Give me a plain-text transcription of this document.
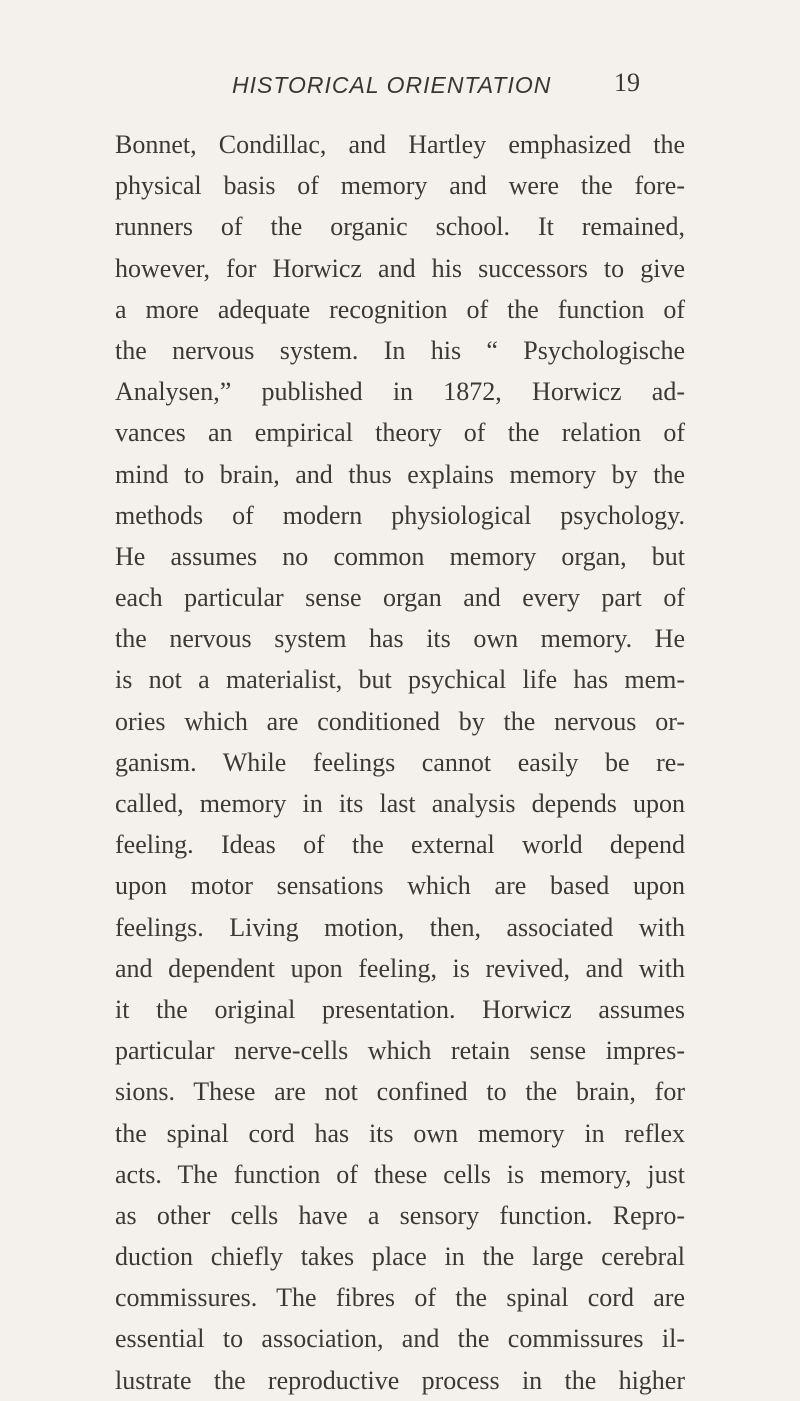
HISTORICAL ORIENTATION 19
Bonnet, Condillac, and Hartley emphasized the
physical basis of memory and were the fore-
runners of the organic school. It remained,
however, for Horwicz and his successors to give
a more adequate recognition of the function of
the nervous system. In his “ Psychologische
Analysen,” published in 1872, Horwicz ad-
vances an empirical theory of the relation of
mind to brain, and thus explains memory by the
methods of modern physiological psychology.
He assumes no common memory organ, but
each particular sense organ and every part of
the nervous system has its own memory. He
is not a materialist, but psychical life has mem-
ories which are conditioned by the nervous or-
ganism. While feelings cannot easily be re-
called, memory in its last analysis depends upon
feeling. Ideas of the external world depend
upon motor sensations which are based upon
feelings. Living motion, then, associated with
and dependent upon feeling, is revived, and with
it the original presentation. Horwicz assumes
particular nerve-cells which retain sense impres-
sions. These are not confined to the brain, for
the spinal cord has its own memory in reflex
acts. The function of these cells is memory, just
as other cells have a sensory function. Repro-
duction chiefly takes place in the large cerebral
commissures. The fibres of the spinal cord are
essential to association, and the commissures il-
lustrate the reproductive process in the higher
